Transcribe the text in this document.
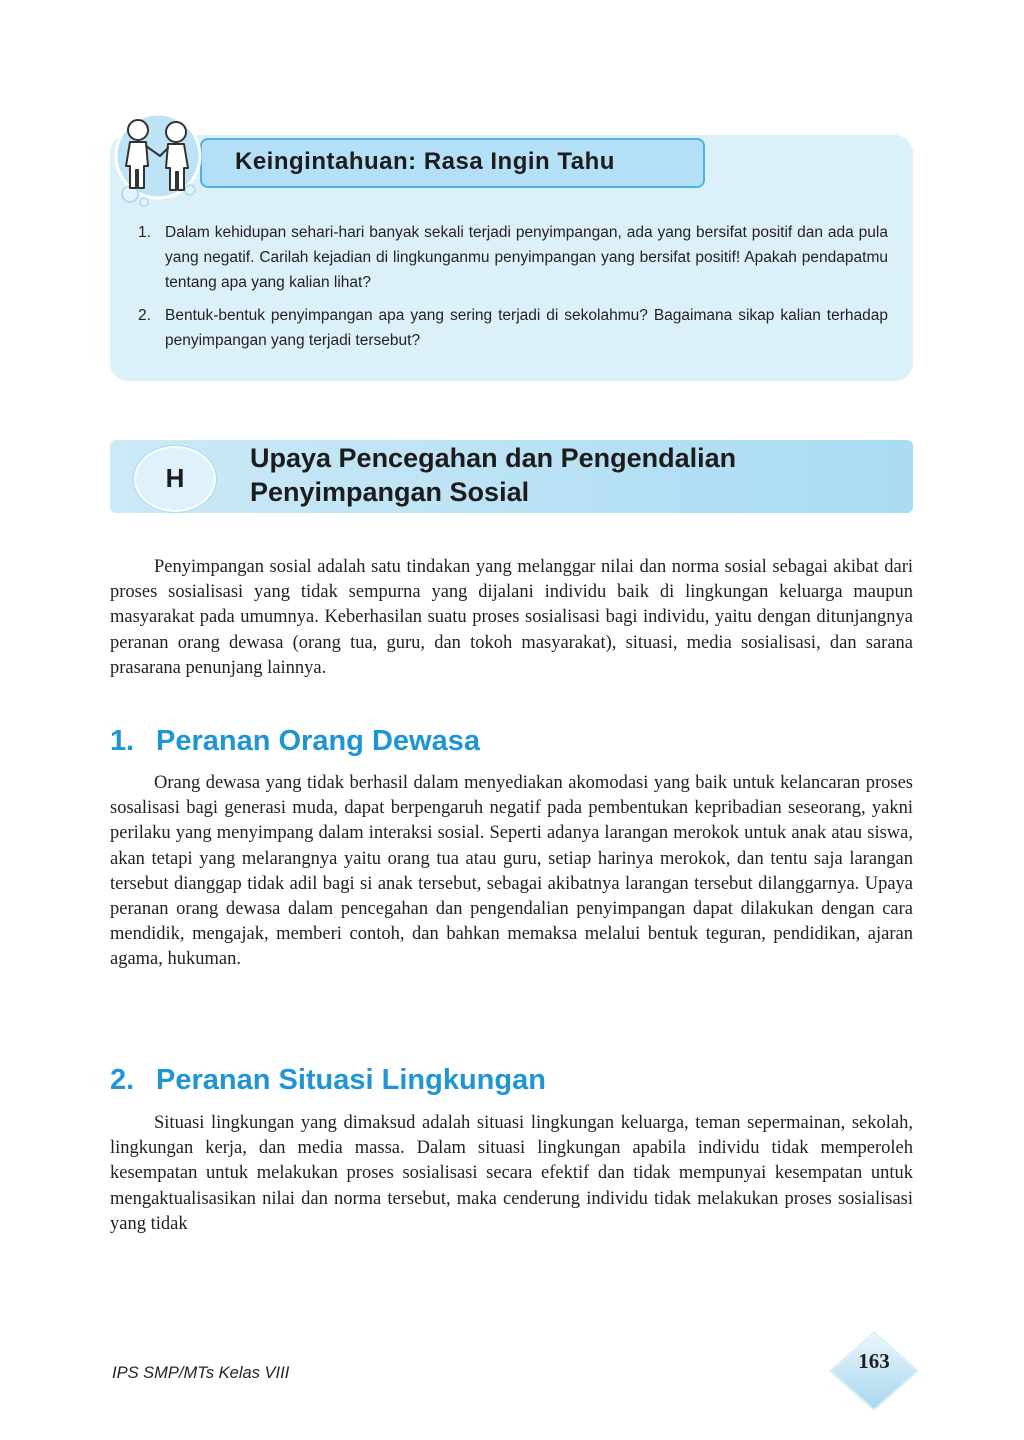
Keingintahuan: Rasa Ingin Tahu
1. Dalam kehidupan sehari-hari banyak sekali terjadi penyimpangan, ada yang bersifat positif dan ada pula yang negatif. Carilah kejadian di lingkunganmu penyimpangan yang bersifat positif! Apakah pendapatmu tentang apa yang kalian lihat?
2. Bentuk-bentuk penyimpangan apa yang sering terjadi di sekolahmu? Bagaimana sikap kalian terhadap penyimpangan yang terjadi tersebut?
H
Upaya Pencegahan dan Pengendalian
Penyimpangan Sosial

Penyimpangan sosial adalah satu tindakan yang melanggar nilai dan norma sosial sebagai akibat dari proses sosialisasi yang tidak sempurna yang dijalani individu baik di lingkungan keluarga maupun masyarakat pada umumnya. Keberhasilan suatu proses sosialisasi bagi individu, yaitu dengan ditunjangnya peranan orang dewasa (orang tua, guru, dan tokoh masyarakat), situasi, media sosialisasi, dan sarana prasarana penunjang lainnya.

1. Peranan Orang Dewasa

Orang dewasa yang tidak berhasil dalam menyediakan akomodasi yang baik untuk kelancaran proses sosalisasi bagi generasi muda, dapat berpengaruh negatif pada pembentukan kepribadian seseorang, yakni perilaku yang menyimpang dalam interaksi sosial. Seperti adanya larangan merokok untuk anak atau siswa, akan tetapi yang melarangnya yaitu orang tua atau guru, setiap harinya merokok, dan tentu saja larangan tersebut dianggap tidak adil bagi si anak tersebut, sebagai akibatnya larangan tersebut dilanggarnya. Upaya peranan orang dewasa dalam pencegahan dan pengendalian penyimpangan dapat dilakukan dengan cara mendidik, mengajak, memberi contoh, dan bahkan memaksa melalui bentuk teguran, pendidikan, ajaran agama, hukuman.

2. Peranan Situasi Lingkungan

Situasi lingkungan yang dimaksud adalah situasi lingkungan keluarga, teman sepermainan, sekolah, lingkungan kerja, dan media massa. Dalam situasi lingkungan apabila individu tidak memperoleh kesempatan untuk melakukan proses sosialisasi secara efektif dan tidak mempunyai kesempatan untuk mengaktualisasikan nilai dan norma tersebut, maka cenderung individu tidak melakukan proses sosialisasi yang tidak

IPS SMP/MTs Kelas VIII	163
